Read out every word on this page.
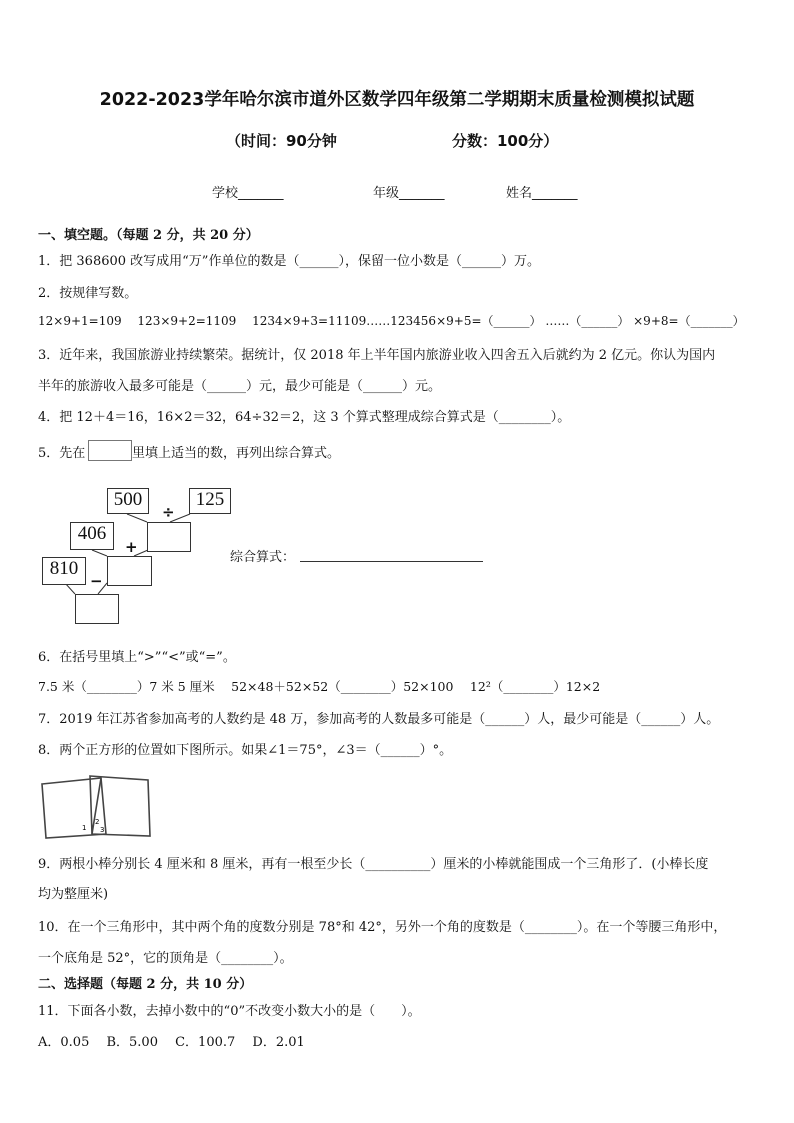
2022-2023学年哈尔滨市道外区数学四年级第二学期期末质量检测模拟试题
（时间：90分钟	分数：100分）
学校_______	年级_______	姓名_______
一、填空题。（每题 2 分，共 20 分）
1．把 368600 改写成用“万”作单位的数是（______），保留一位小数是（______）万。
2．按规律写数。
12×9+1=109　 123×9+2=1109　 1234×9+3=11109……123456×9+5=（______） ……（______） ×9+8=（_______）
3．近年来，我国旅游业持续繁荣。据统计，仅 2018 年上半年国内旅游业收入四舍五入后就约为 2 亿元。你认为国内
半年的旅游收入最多可能是（______）元，最少可能是（______）元。
4．把 12＋4＝16，16×2＝32，64÷32＝2，这 3 个算式整理成综合算式是（________）。
5．先在	里填上适当的数，再列出综合算式。
500	125
÷
406
+
810
−
综合算式：
6．在括号里填上“>”“<”或“=”。
7.5 米（________）7 米 5 厘米　 52×48＋52×52（________）52×100　 12²（________）12×2
7．2019 年江苏省参加高考的人数约是 48 万，参加高考的人数最多可能是（______）人，最少可能是（______）人。
8．两个正方形的位置如下图所示。如果∠1＝75°，∠3＝（______）°。
1
2
3
9．两根小棒分别长 4 厘米和 8 厘米，再有一根至少长（__________）厘米的小棒就能围成一个三角形了．(小棒长度
均为整厘米)
10．在一个三角形中，其中两个角的度数分别是 78°和 42°，另外一个角的度数是（________）。在一个等腰三角形中，
一个底角是 52°，它的顶角是（________）。
二、选择题（每题 2 分，共 10 分）
11．下面各小数，去掉小数中的“0”不改变小数大小的是（　　）。
A．0.05　 B．5.00　 C．100.7　 D．2.01
